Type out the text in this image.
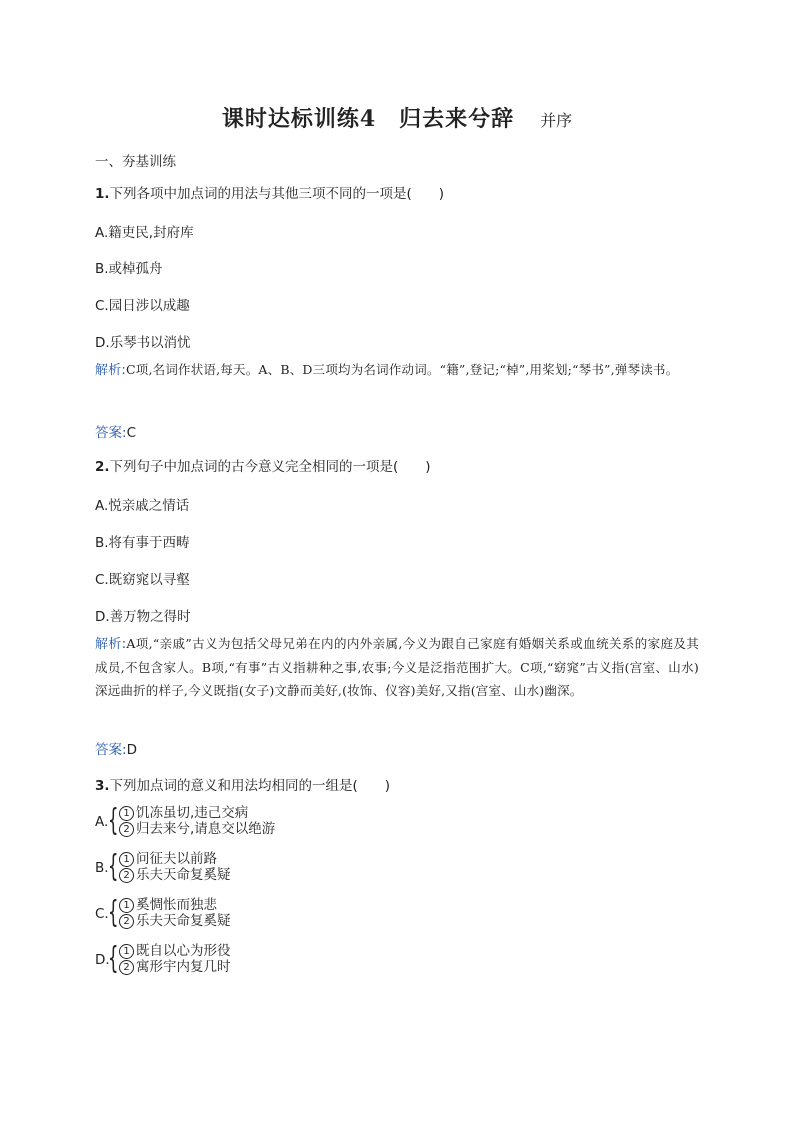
课时达标训练4　归去来兮辞 并序
一、夯基训练
1.下列各项中加点词的用法与其他三项不同的一项是(　　)
A.籍吏民,封府库
B.或棹孤舟
C.园日涉以成趣
D.乐琴书以消忧
解析:C项,名词作状语,每天。A、B、D三项均为名词作动词。“籍”,登记;“棹”,用桨划;“琴书”,弹琴读书。
答案:C
2.下列句子中加点词的古今意义完全相同的一项是(　　)
A.悦亲戚之情话
B.将有事于西畴
C.既窈窕以寻壑
D.善万物之得时
解析:A项,“亲戚”古义为包括父母兄弟在内的内外亲属,今义为跟自己家庭有婚姻关系或血统关系的家庭及其成员,不包含家人。B项,“有事”古义指耕种之事,农事;今义是泛指范围扩大。C项,“窈窕”古义指(宫室、山水)深远曲折的样子,今义既指(女子)文静而美好,(妆饰、仪容)美好,又指(宫室、山水)幽深。
答案:D
3.下列加点词的意义和用法均相同的一组是(　　)
A. { 1 饥冻虽切,违己交病
2 归去来兮,请息交以绝游
B. { 1 问征夫以前路
2 乐夫天命复奚疑
C. { 1 奚惆怅而独悲
2 乐夫天命复奚疑
D.
{ 1 既自以心为形役
2 寓形宇内复几时
